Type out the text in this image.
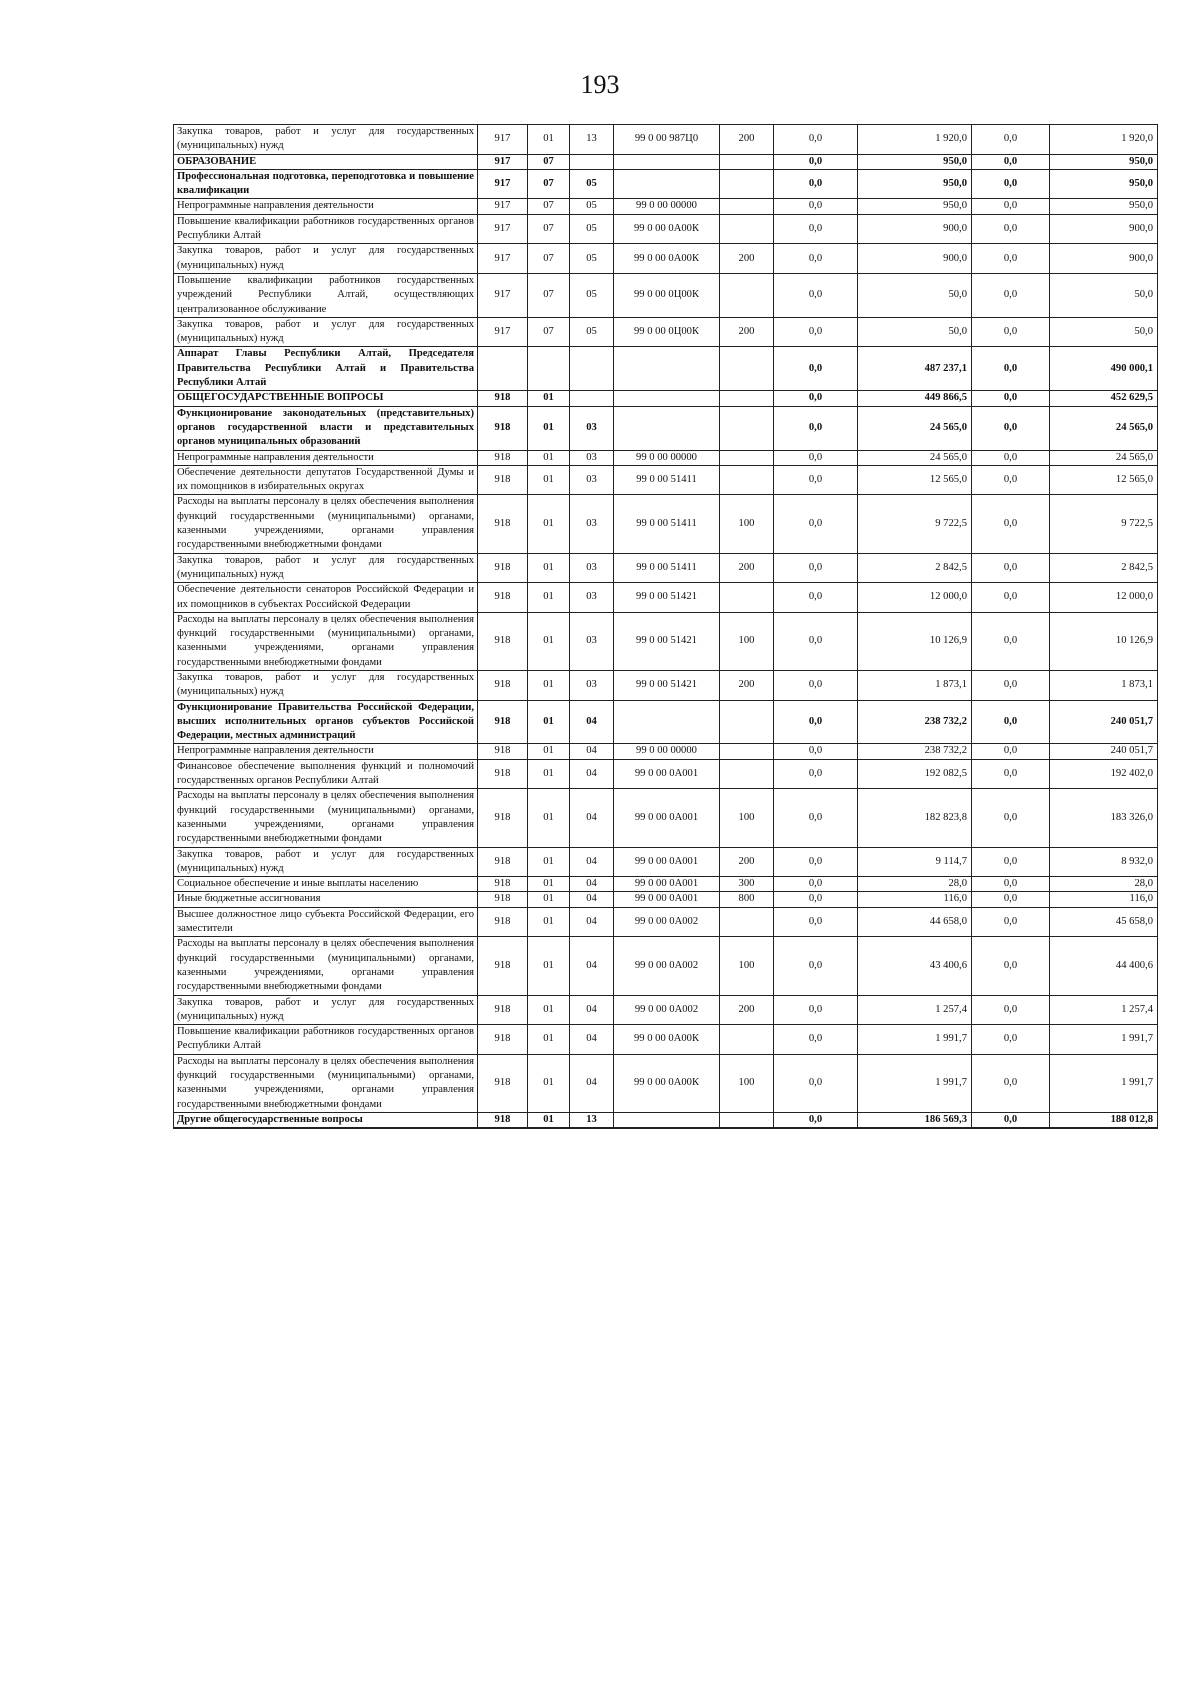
193
Закупка товаров, работ и услуг для государственных (муниципальных) нужд	917	01	13	99 0 00 987Ц0	200	0,0	1 920,0	0,0	1 920,0
ОБРАЗОВАНИЕ	917	07				0,0	950,0	0,0	950,0
Профессиональная подготовка, переподготовка и повышение квалификации	917	07	05			0,0	950,0	0,0	950,0
Непрограммные направления деятельности	917	07	05	99 0 00 00000		0,0	950,0	0,0	950,0
Повышение квалификации работников государственных органов Республики Алтай	917	07	05	99 0 00 0А00К		0,0	900,0	0,0	900,0
Закупка товаров, работ и услуг для государственных (муниципальных) нужд	917	07	05	99 0 00 0А00К	200	0,0	900,0	0,0	900,0
Повышение квалификации работников государственных учреждений Республики Алтай, осуществляющих централизованное обслуживание	917	07	05	99 0 00 0Ц00К		0,0	50,0	0,0	50,0
Закупка товаров, работ и услуг для государственных (муниципальных) нужд	917	07	05	99 0 00 0Ц00К	200	0,0	50,0	0,0	50,0
Аппарат Главы Республики Алтай, Председателя Правительства Республики Алтай и Правительства Республики Алтай						0,0	487 237,1	0,0	490 000,1
ОБЩЕГОСУДАРСТВЕННЫЕ ВОПРОСЫ	918	01				0,0	449 866,5	0,0	452 629,5
Функционирование законодательных (представительных) органов государственной власти и представительных органов муниципальных образований	918	01	03			0,0	24 565,0	0,0	24 565,0
Непрограммные направления деятельности	918	01	03	99 0 00 00000		0,0	24 565,0	0,0	24 565,0
Обеспечение деятельности депутатов Государственной Думы и их помощников в избирательных округах	918	01	03	99 0 00 51411		0,0	12 565,0	0,0	12 565,0
Расходы на выплаты персоналу в целях обеспечения выполнения функций государственными (муниципальными) органами, казенными учреждениями, органами управления государственными внебюджетными фондами	918	01	03	99 0 00 51411	100	0,0	9 722,5	0,0	9 722,5
Закупка товаров, работ и услуг для государственных (муниципальных) нужд	918	01	03	99 0 00 51411	200	0,0	2 842,5	0,0	2 842,5
Обеспечение деятельности сенаторов Российской Федерации и их помощников в субъектах Российской Федерации	918	01	03	99 0 00 51421		0,0	12 000,0	0,0	12 000,0
Расходы на выплаты персоналу в целях обеспечения выполнения функций государственными (муниципальными) органами, казенными учреждениями, органами управления государственными внебюджетными фондами	918	01	03	99 0 00 51421	100	0,0	10 126,9	0,0	10 126,9
Закупка товаров, работ и услуг для государственных (муниципальных) нужд	918	01	03	99 0 00 51421	200	0,0	1 873,1	0,0	1 873,1
Функционирование Правительства Российской Федерации, высших исполнительных органов субъектов Российской Федерации, местных администраций	918	01	04			0,0	238 732,2	0,0	240 051,7
Непрограммные направления деятельности	918	01	04	99 0 00 00000		0,0	238 732,2	0,0	240 051,7
Финансовое обеспечение выполнения функций и полномочий государственных органов Республики Алтай	918	01	04	99 0 00 0А001		0,0	192 082,5	0,0	192 402,0
Расходы на выплаты персоналу в целях обеспечения выполнения функций государственными (муниципальными) органами, казенными учреждениями, органами управления государственными внебюджетными фондами	918	01	04	99 0 00 0А001	100	0,0	182 823,8	0,0	183 326,0
Закупка товаров, работ и услуг для государственных (муниципальных) нужд	918	01	04	99 0 00 0А001	200	0,0	9 114,7	0,0	8 932,0
Социальное обеспечение и иные выплаты населению	918	01	04	99 0 00 0А001	300	0,0	28,0	0,0	28,0
Иные бюджетные ассигнования	918	01	04	99 0 00 0А001	800	0,0	116,0	0,0	116,0
Высшее должностное лицо субъекта Российской Федерации, его заместители	918	01	04	99 0 00 0А002		0,0	44 658,0	0,0	45 658,0
Расходы на выплаты персоналу в целях обеспечения выполнения функций государственными (муниципальными) органами, казенными учреждениями, органами управления государственными внебюджетными фондами	918	01	04	99 0 00 0А002	100	0,0	43 400,6	0,0	44 400,6
Закупка товаров, работ и услуг для государственных (муниципальных) нужд	918	01	04	99 0 00 0А002	200	0,0	1 257,4	0,0	1 257,4
Повышение квалификации работников государственных органов Республики Алтай	918	01	04	99 0 00 0А00К		0,0	1 991,7	0,0	1 991,7
Расходы на выплаты персоналу в целях обеспечения выполнения функций государственными (муниципальными) органами, казенными учреждениями, органами управления государственными внебюджетными фондами	918	01	04	99 0 00 0А00К	100	0,0	1 991,7	0,0	1 991,7
Другие общегосударственные вопросы	918	01	13			0,0	186 569,3	0,0	188 012,8
